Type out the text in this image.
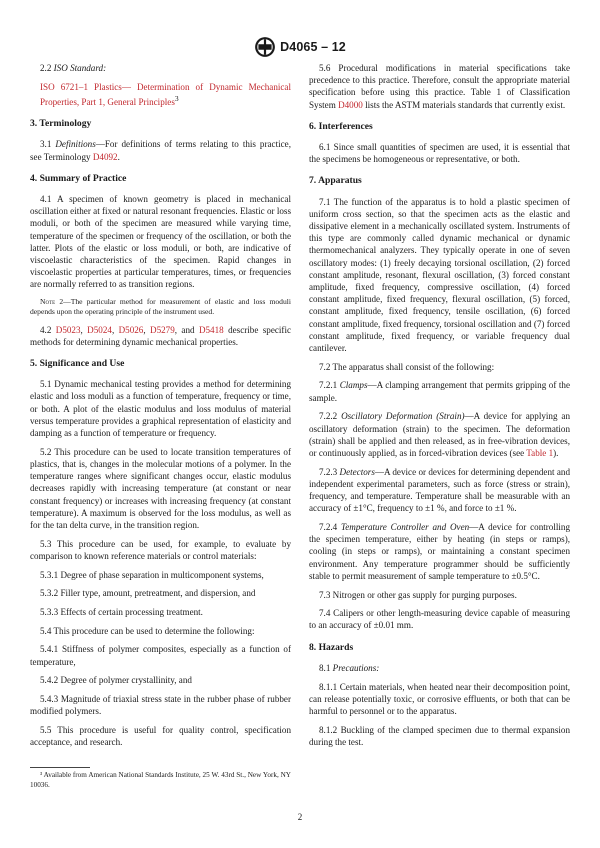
D4065 – 12

2.2 ISO Standard:

ISO 6721–1 Plastics— Determination of Dynamic Mechanical Properties, Part 1, General Principles$^3$

3. Terminology

3.1 Definitions—For definitions of terms relating to this practice, see Terminology D4092.

4. Summary of Practice

4.1 A specimen of known geometry is placed in mechanical oscillation either at fixed or natural resonant frequencies. Elastic or loss moduli, or both of the specimen are measured while varying time, temperature of the specimen or frequency of the oscillation, or both the latter. Plots of the elastic or loss moduli, or both, are indicative of viscoelastic characteristics of the specimen. Rapid changes in viscoelastic properties at particular temperatures, times, or frequencies are normally referred to as transition regions.

Note 2—The particular method for measurement of elastic and loss moduli depends upon the operating principle of the instrument used.

4.2 D5023, D5024, D5026, D5279, and D5418 describe specific methods for determining dynamic mechanical properties.

5. Significance and Use

5.1 Dynamic mechanical testing provides a method for determining elastic and loss moduli as a function of temperature, frequency or time, or both. A plot of the elastic modulus and loss modulus of material versus temperature provides a graphical representation of elasticity and damping as a function of temperature or frequency.

5.2 This procedure can be used to locate transition temperatures of plastics, that is, changes in the molecular motions of a polymer. In the temperature ranges where significant changes occur, elastic modulus decreases rapidly with increasing temperature (at constant or near constant frequency) or increases with increasing frequency (at constant temperature). A maximum is observed for the loss modulus, as well as for the tan delta curve, in the transition region.

5.3 This procedure can be used, for example, to evaluate by comparison to known reference materials or control materials:

5.3.1 Degree of phase separation in multicomponent systems,

5.3.2 Filler type, amount, pretreatment, and dispersion, and

5.3.3 Effects of certain processing treatment.

5.4 This procedure can be used to determine the following:

5.4.1 Stiffness of polymer composites, especially as a function of temperature,

5.4.2 Degree of polymer crystallinity, and

5.4.3 Magnitude of triaxial stress state in the rubber phase of rubber modified polymers.

5.5 This procedure is useful for quality control, specification acceptance, and research.

³ Available from American National Standards Institute, 25 W. 43rd St., New York, NY 10036.

5.6 Procedural modifications in material specifications take precedence to this practice. Therefore, consult the appropriate material specification before using this practice. Table 1 of Classification System D4000 lists the ASTM materials standards that currently exist.

6. Interferences

6.1 Since small quantities of specimen are used, it is essential that the specimens be homogeneous or representative, or both.

7. Apparatus

7.1 The function of the apparatus is to hold a plastic specimen of uniform cross section, so that the specimen acts as the elastic and dissipative element in a mechanically oscillated system. Instruments of this type are commonly called dynamic mechanical or dynamic thermomechanical analyzers. They typically operate in one of seven oscillatory modes: (1) freely decaying torsional oscillation, (2) forced constant amplitude, resonant, flexural oscillation, (3) forced constant amplitude, fixed frequency, compressive oscillation, (4) forced constant amplitude, fixed frequency, flexural oscillation, (5) forced, constant amplitude, fixed frequency, tensile oscillation, (6) forced constant amplitude, fixed frequency, torsional oscillation and (7) forced constant amplitude, fixed frequency, or variable frequency dual cantilever.

7.2 The apparatus shall consist of the following:

7.2.1 Clamps—A clamping arrangement that permits gripping of the sample.

7.2.2 Oscillatory Deformation (Strain)—A device for applying an oscillatory deformation (strain) to the specimen. The deformation (strain) shall be applied and then released, as in free-vibration devices, or continuously applied, as in forced-vibration devices (see Table 1).

7.2.3 Detectors—A device or devices for determining dependent and independent experimental parameters, such as force (stress or strain), frequency, and temperature. Temperature shall be measurable with an accuracy of ±1°C, frequency to ±1 %, and force to ±1 %.

7.2.4 Temperature Controller and Oven—A device for controlling the specimen temperature, either by heating (in steps or ramps), cooling (in steps or ramps), or maintaining a constant specimen environment. Any temperature programmer should be sufficiently stable to permit measurement of sample temperature to ±0.5°C.

7.3 Nitrogen or other gas supply for purging purposes.

7.4 Calipers or other length-measuring device capable of measuring to an accuracy of ±0.01 mm.

8. Hazards

8.1 Precautions:

8.1.1 Certain materials, when heated near their decomposition point, can release potentially toxic, or corrosive effluents, or both that can be harmful to personnel or to the apparatus.

8.1.2 Buckling of the clamped specimen due to thermal expansion during the test.

2
